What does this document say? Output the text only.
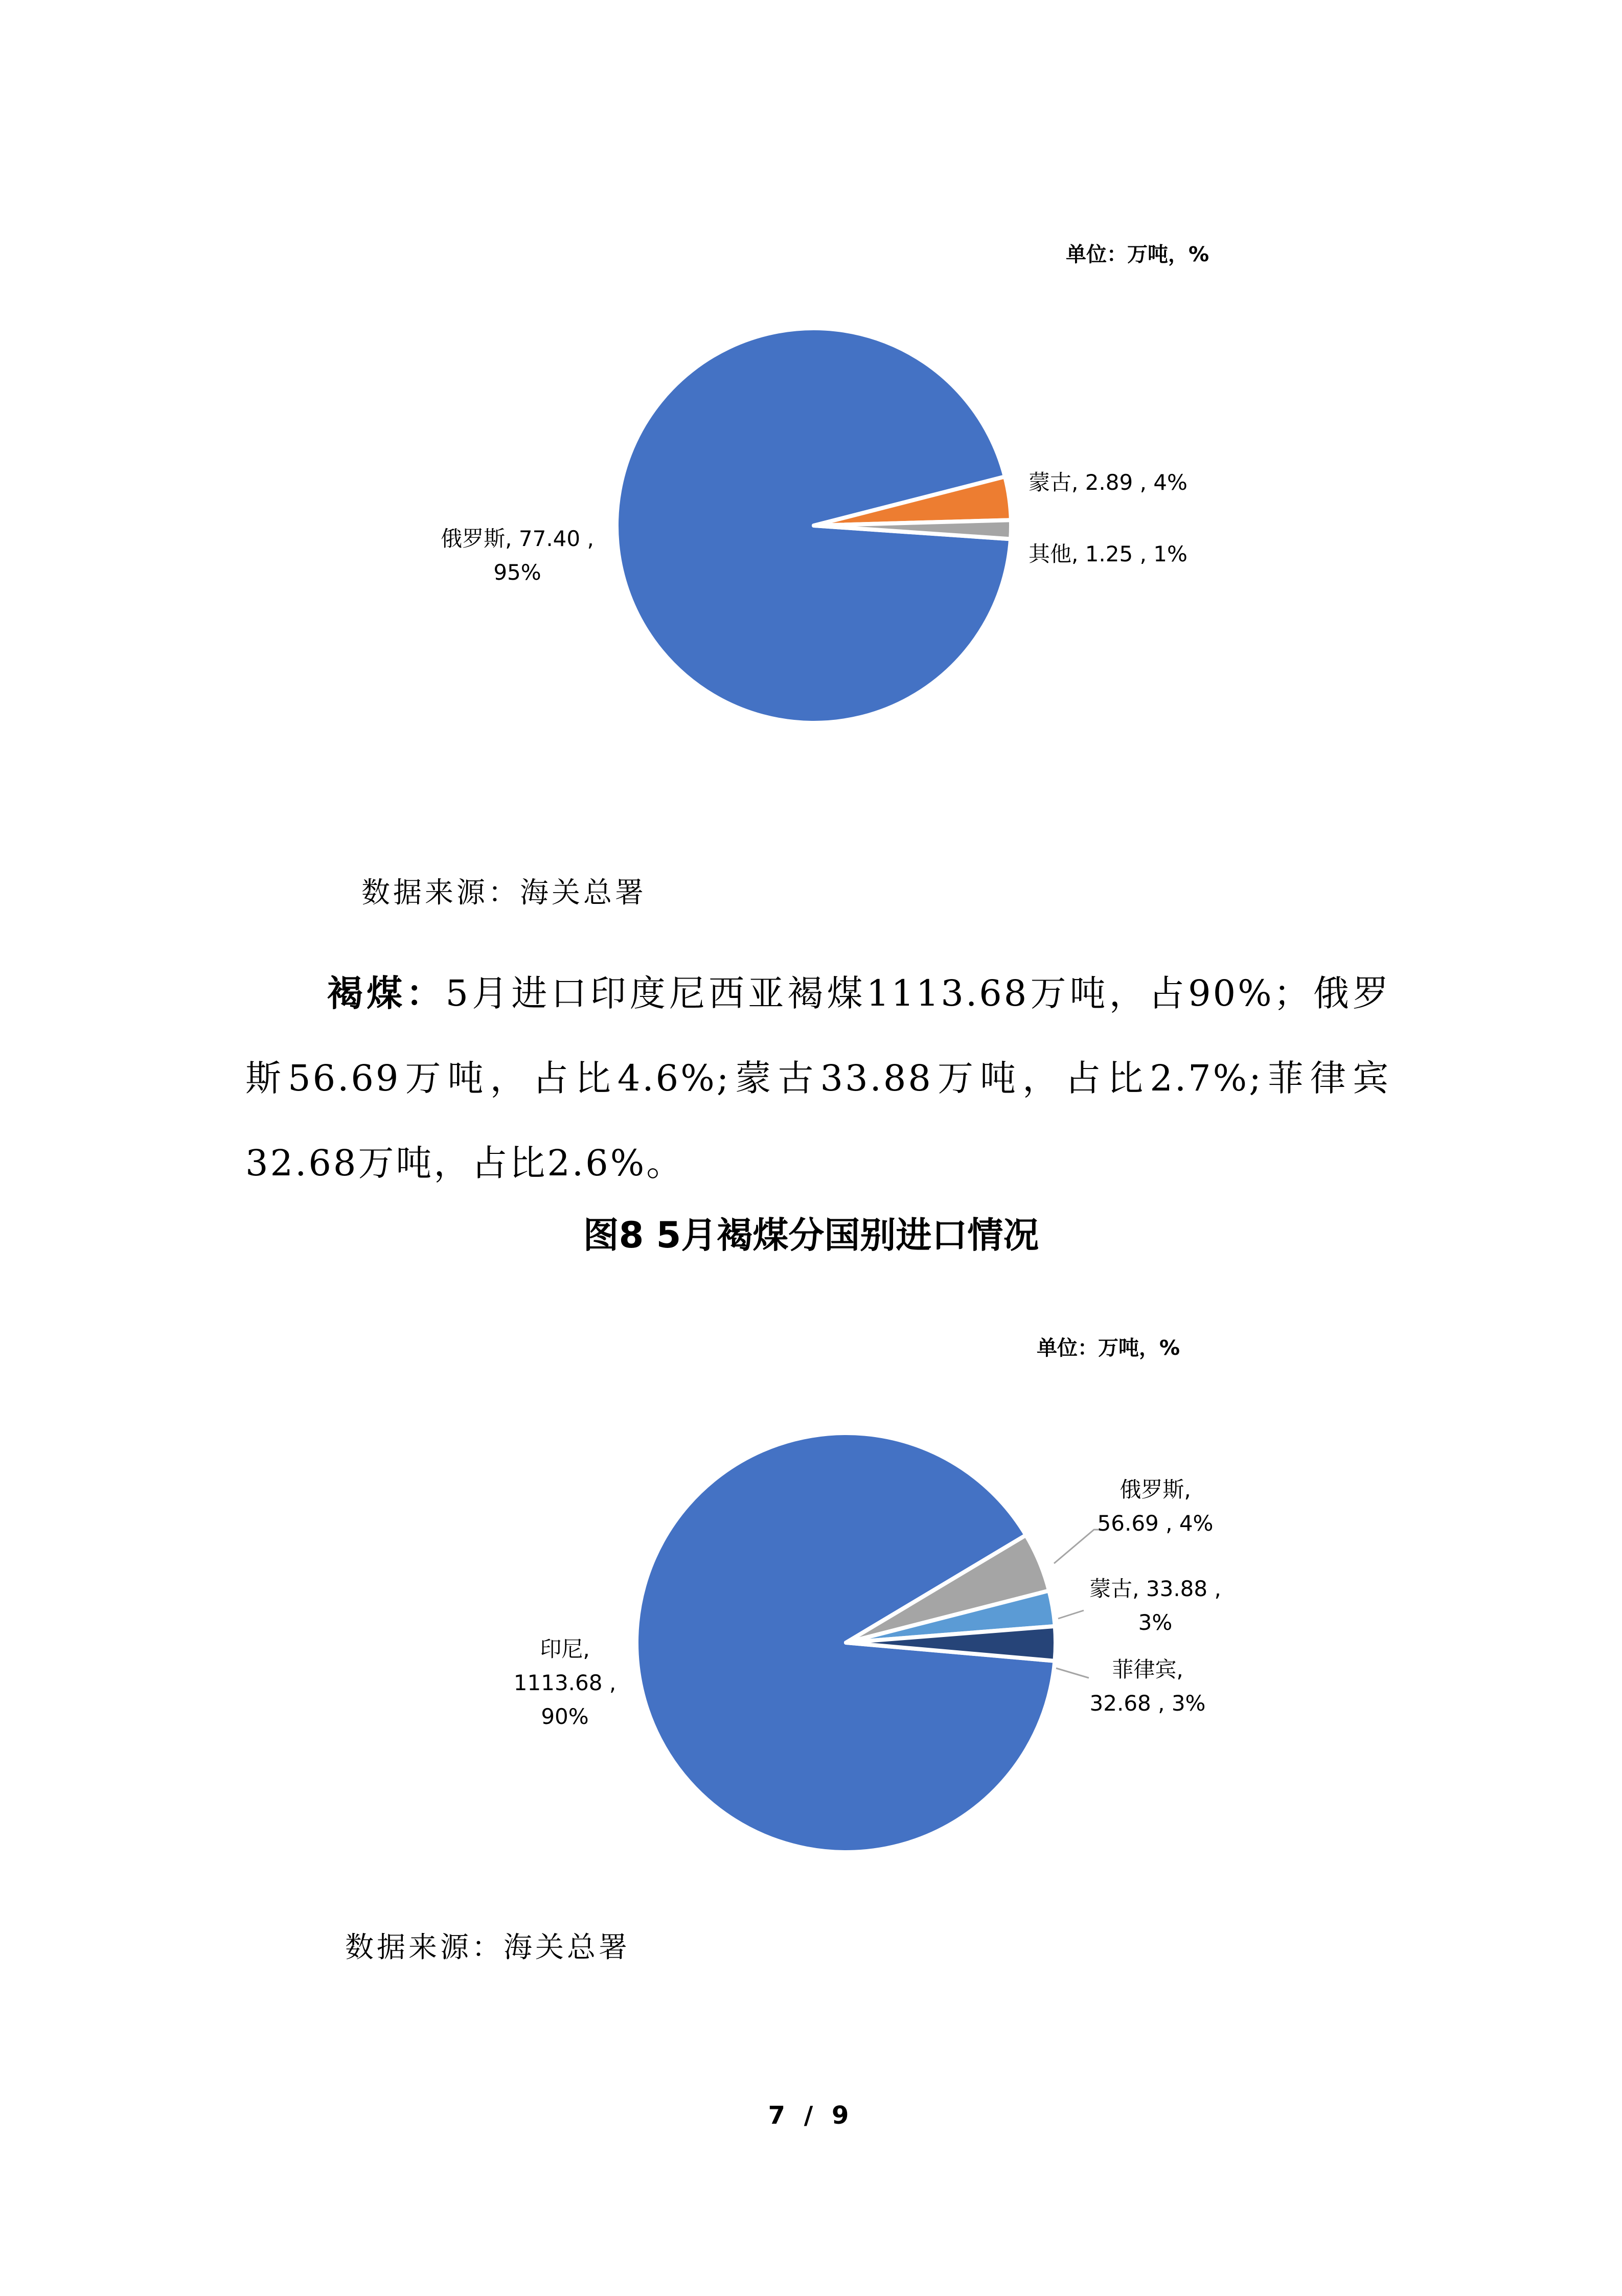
单位：万吨，%
俄罗斯, 77.40 , 95%
蒙古, 2.89 , 4%
其他, 1.25 , 1%
数据来源：海关总署
褐煤：5月进口印度尼西亚褐煤1113.68万吨，占90%；俄罗斯56.69万吨，占比4.6%;蒙古33.88万吨，占比2.7%;菲律宾32.68万吨，占比2.6%。
图8 5月褐煤分国别进口情况
单位：万吨，%
印尼, 1113.68 , 90%
俄罗斯, 56.69 , 4%
蒙古, 33.88 , 3%
菲律宾, 32.68 , 3%
数据来源：海关总署
7 / 9
